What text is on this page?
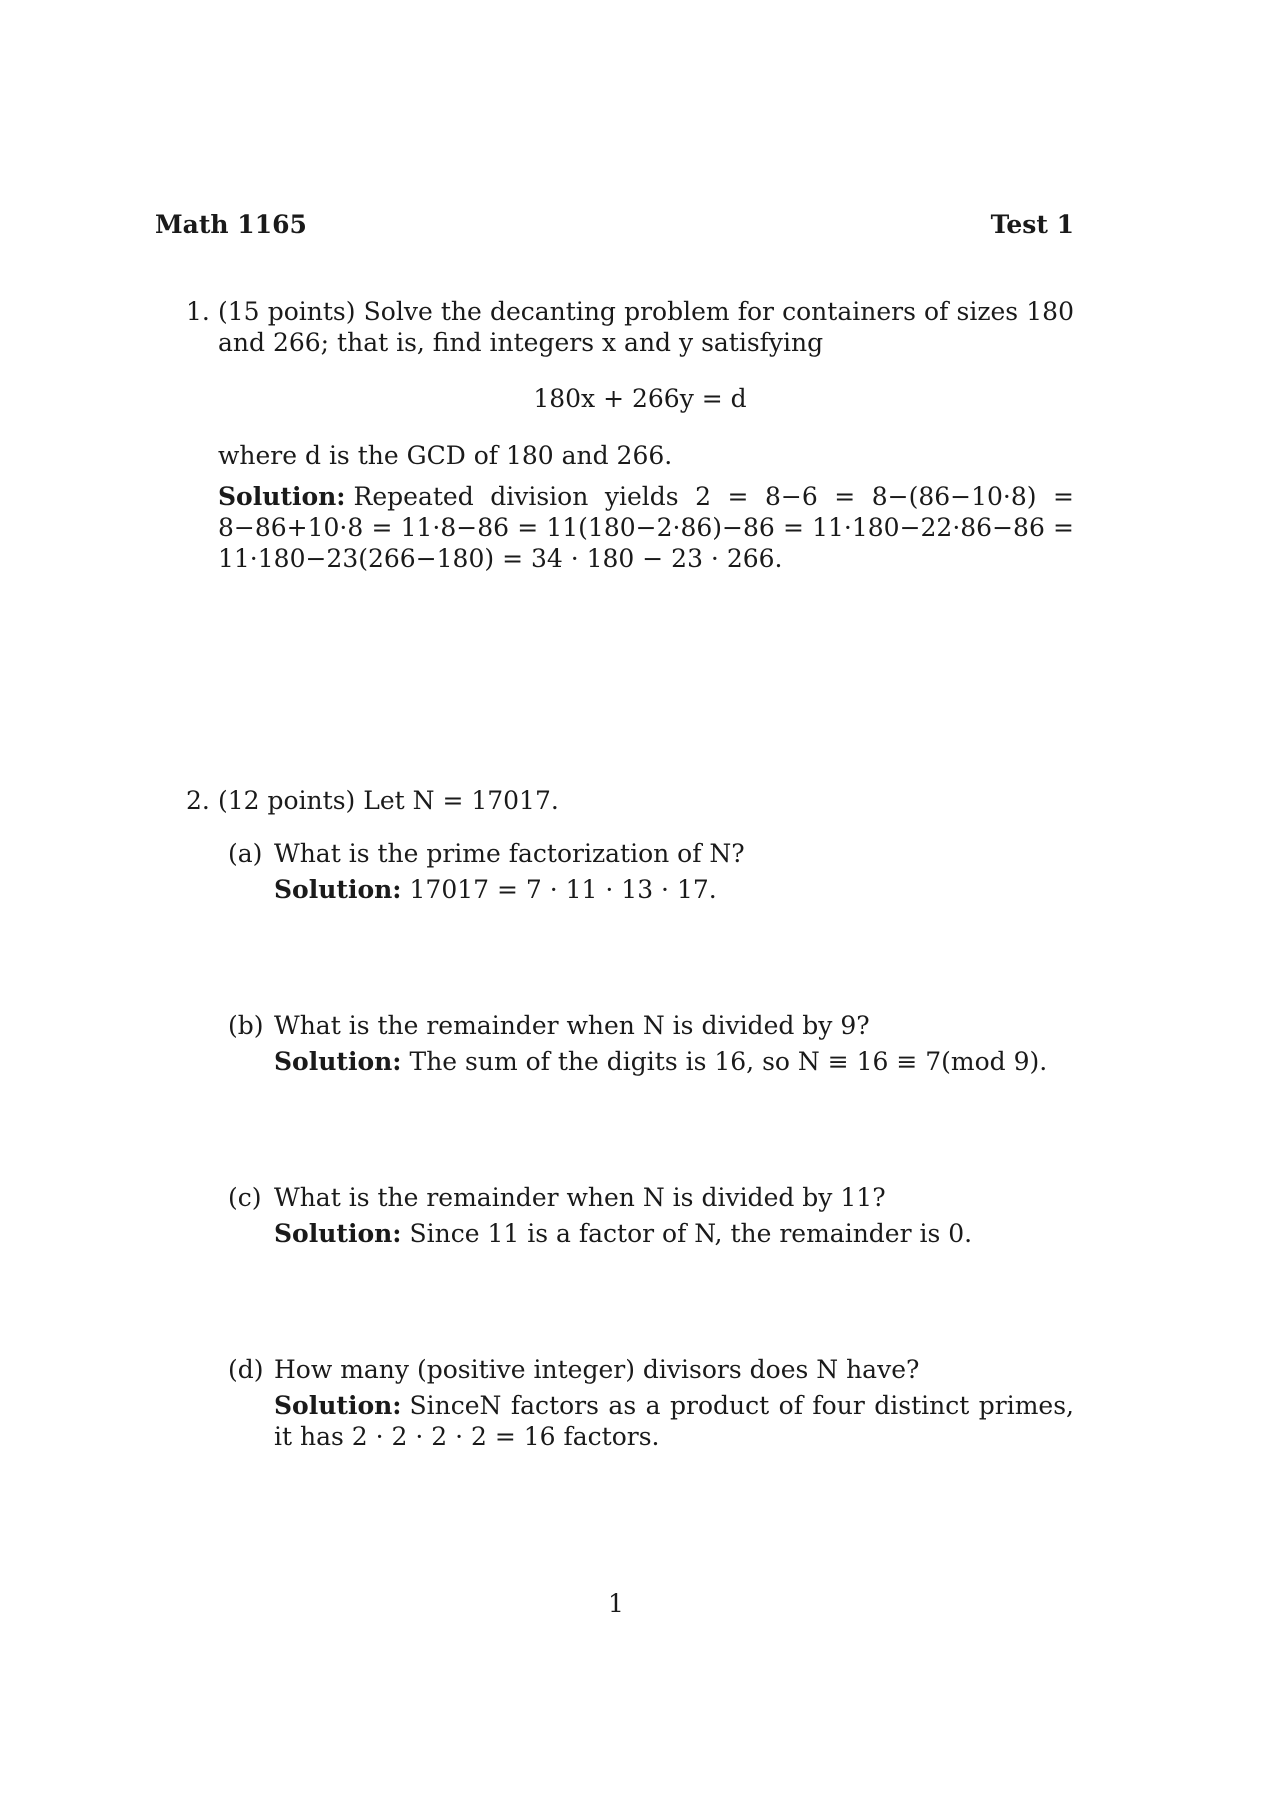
Math 1165	Test 1
1. (15 points) Solve the decanting problem for containers of sizes 180 and 266; that is, find integers x and y satisfying
180x + 266y = d
where d is the GCD of 180 and 266.
Solution: Repeated division yields 2 = 8−6 = 8−(86−10·8) = 8−86+10·8 = 11·8−86 = 11(180−2·86)−86 = 11·180−22·86−86 = 11·180−23(266−180) = 34 · 180 − 23 · 266.
2. (12 points) Let N = 17017.
(a) What is the prime factorization of N?
Solution: 17017 = 7 · 11 · 13 · 17.
(b) What is the remainder when N is divided by 9?
Solution: The sum of the digits is 16, so N ≡ 16 ≡ 7(mod 9).
(c) What is the remainder when N is divided by 11?
Solution: Since 11 is a factor of N, the remainder is 0.
(d) How many (positive integer) divisors does N have?
Solution: SinceN factors as a product of four distinct primes, it has 2 · 2 · 2 · 2 = 16 factors.
1
